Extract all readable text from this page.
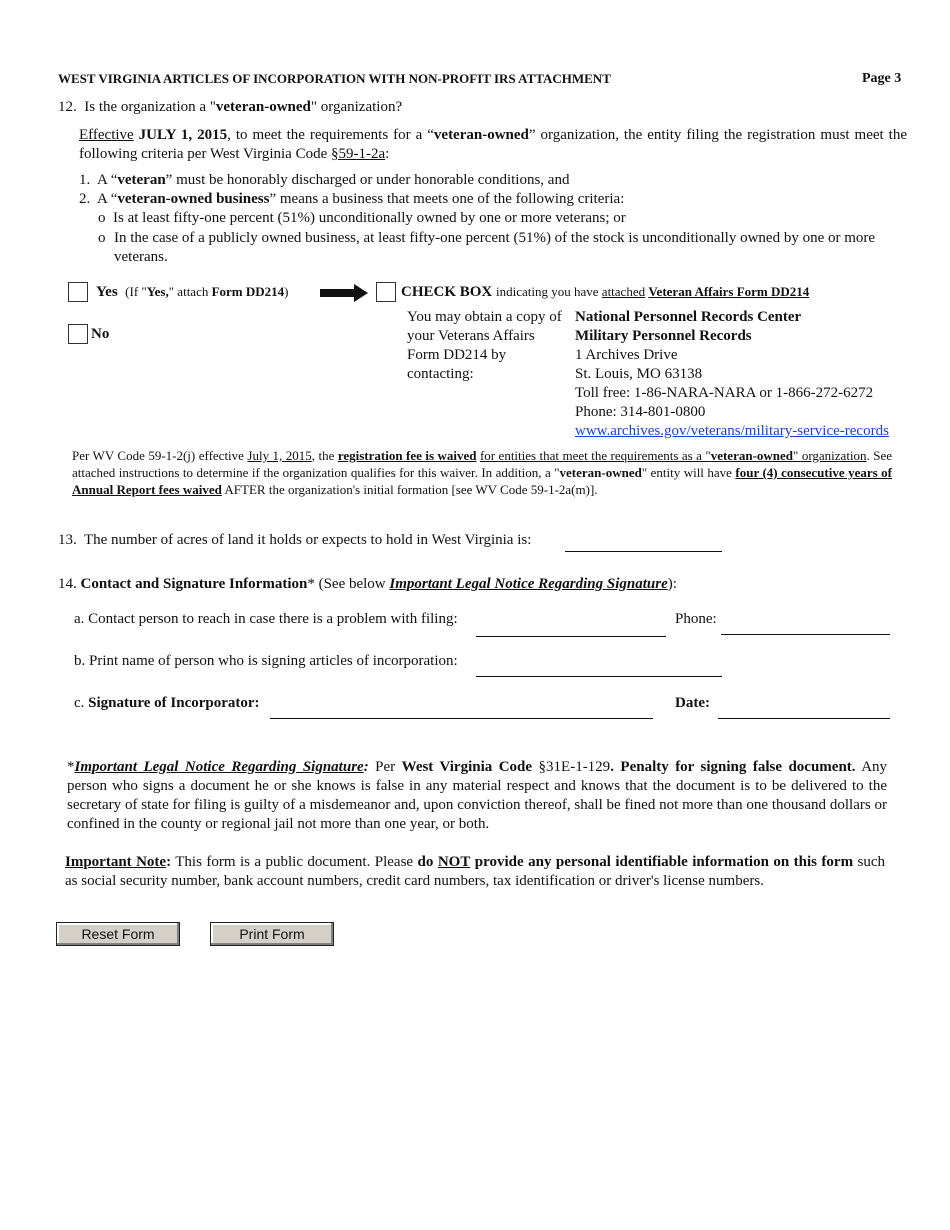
WEST VIRGINIA ARTICLES OF INCORPORATION WITH NON-PROFIT IRS ATTACHMENT	Page 3
12. Is the organization a "veteran-owned" organization?
Effective JULY 1, 2015, to meet the requirements for a “veteran-owned” organization, the entity filing the registration must meet the following criteria per West Virginia Code §59-1-2a:
1. A “veteran” must be honorably discharged or under honorable conditions, and
2. A “veteran-owned business” means a business that meets one of the following criteria:
o Is at least fifty-one percent (51%) unconditionally owned by one or more veterans; or
o In the case of a publicly owned business, at least fifty-one percent (51%) of the stock is unconditionally owned by one or more veterans.
Yes (If "Yes," attach Form DD214)	CHECK BOX indicating you have attached Veteran Affairs Form DD214
No
You may obtain a copy of your Veterans Affairs Form DD214 by contacting:
National Personnel Records Center
Military Personnel Records
1 Archives Drive
St. Louis, MO 63138
Toll free: 1-86-NARA-NARA or 1-866-272-6272
Phone: 314-801-0800
www.archives.gov/veterans/military-service-records
Per WV Code 59-1-2(j) effective July 1, 2015, the registration fee is waived for entities that meet the requirements as a "veteran-owned" organization. See attached instructions to determine if the organization qualifies for this waiver. In addition, a "veteran-owned" entity will have four (4) consecutive years of Annual Report fees waived AFTER the organization's initial formation [see WV Code 59-1-2a(m)].
13. The number of acres of land it holds or expects to hold in West Virginia is:
14. Contact and Signature Information* (See below Important Legal Notice Regarding Signature):
a. Contact person to reach in case there is a problem with filing:	Phone:
b. Print name of person who is signing articles of incorporation:
c. Signature of Incorporator:	Date:
*Important Legal Notice Regarding Signature: Per West Virginia Code §31E-1-129. Penalty for signing false document. Any person who signs a document he or she knows is false in any material respect and knows that the document is to be delivered to the secretary of state for filing is guilty of a misdemeanor and, upon conviction thereof, shall be fined not more than one thousand dollars or confined in the county or regional jail not more than one year, or both.
Important Note: This form is a public document. Please do NOT provide any personal identifiable information on this form such as social security number, bank account numbers, credit card numbers, tax identification or driver's license numbers.
Reset Form	Print Form
